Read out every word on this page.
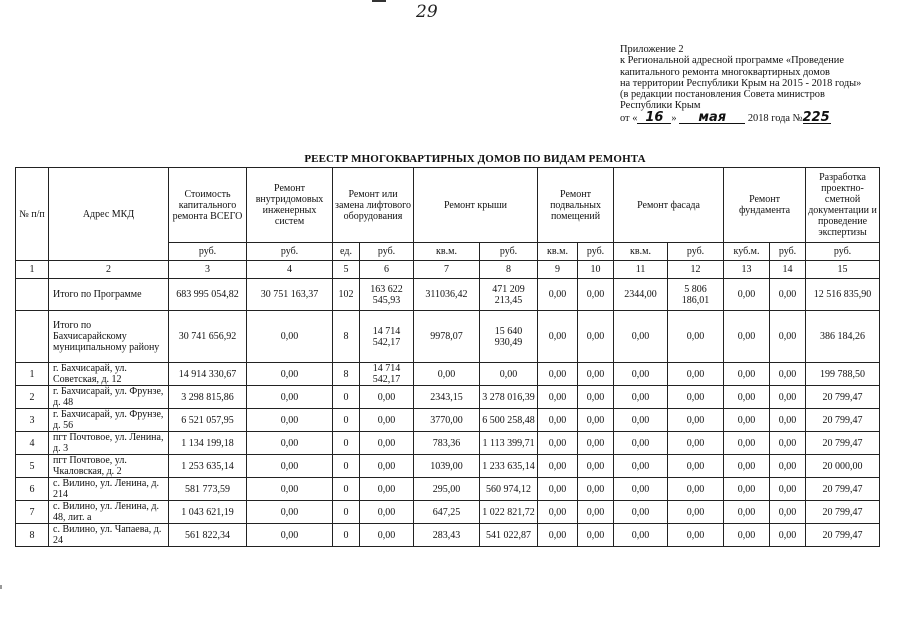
29
Приложение 2
к Региональной адресной программе «Проведение
капитального ремонта многоквартирных домов
на территории Республики Крым на 2015 - 2018 годы»
(в редакции постановления Совета министров
Республики Крым
от « 16 » мая 2018 года №225
РЕЕСТР МНОГОКВАРТИРНЫХ ДОМОВ ПО ВИДАМ РЕМОНТА
№ п/п	Адрес МКД	Стоимость капитального ремонта ВСЕГО	Ремонт внутридомовых инженерных систем	Ремонт или замена лифтового оборудования		Ремонт крыши		Ремонт подвальных помещений		Ремонт фасада		Ремонт фундамента		Разработка проектно-сметной документации и проведение экспертизы
		руб.	руб.	ед.	руб.	кв.м.	руб.	кв.м.	руб.	кв.м.	руб.	куб.м.	руб.	руб.
1	2	3	4	5	6	7	8	9	10	11	12	13	14	15
	Итого по Программе	683 995 054,82	30 751 163,37	102	163 622 545,93	311036,42	471 209 213,45	0,00	0,00	2344,00	5 806 186,01	0,00	0,00	12 516 835,90
	Итого по Бахчисарайскому муниципальному району	30 741 656,92	0,00	8	14 714 542,17	9978,07	15 640 930,49	0,00	0,00	0,00	0,00	0,00	0,00	386 184,26
1	г. Бахчисарай, ул. Советская, д. 12	14 914 330,67	0,00	8	14 714 542,17	0,00	0,00	0,00	0,00	0,00	0,00	0,00	0,00	199 788,50
2	г. Бахчисарай, ул. Фрунзе, д. 48	3 298 815,86	0,00	0	0,00	2343,15	3 278 016,39	0,00	0,00	0,00	0,00	0,00	0,00	20 799,47
3	г. Бахчисарай, ул. Фрунзе, д. 56	6 521 057,95	0,00	0	0,00	3770,00	6 500 258,48	0,00	0,00	0,00	0,00	0,00	0,00	20 799,47
4	пгт Почтовое, ул. Ленина, д. 3	1 134 199,18	0,00	0	0,00	783,36	1 113 399,71	0,00	0,00	0,00	0,00	0,00	0,00	20 799,47
5	пгт Почтовое, ул. Чкаловская, д. 2	1 253 635,14	0,00	0	0,00	1039,00	1 233 635,14	0,00	0,00	0,00	0,00	0,00	0,00	20 000,00
6	с. Вилино, ул. Ленина, д. 214	581 773,59	0,00	0	0,00	295,00	560 974,12	0,00	0,00	0,00	0,00	0,00	0,00	20 799,47
7	с. Вилино, ул. Ленина, д. 48, лит. а	1 043 621,19	0,00	0	0,00	647,25	1 022 821,72	0,00	0,00	0,00	0,00	0,00	0,00	20 799,47
8	с. Вилино, ул. Чапаева, д. 24	561 822,34	0,00	0	0,00	283,43	541 022,87	0,00	0,00	0,00	0,00	0,00	0,00	20 799,47
